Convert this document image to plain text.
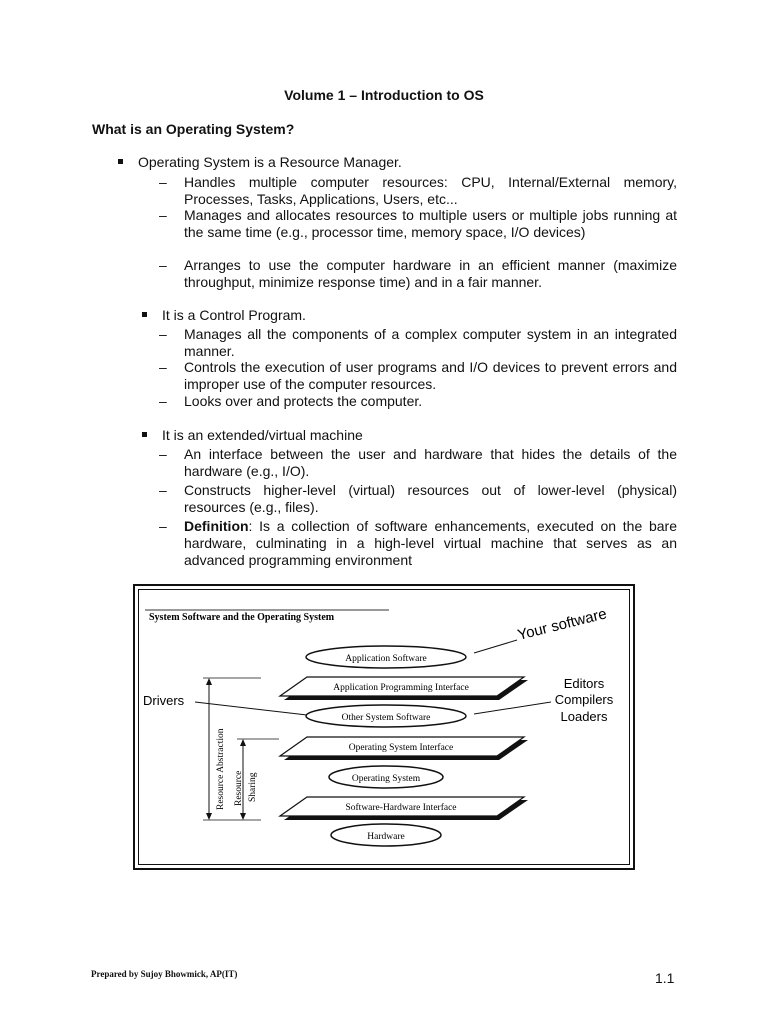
Volume 1 – Introduction to OS
What is an Operating System?
Operating System is a Resource Manager.
– Handles multiple computer resources: CPU, Internal/External memory, Processes, Tasks, Applications, Users, etc...
– Manages and allocates resources to multiple users or multiple jobs running at the same time (e.g., processor time, memory space, I/O devices)
– Arranges to use the computer hardware in an efficient manner (maximize throughput, minimize response time) and in a fair manner.
It is a Control Program.
– Manages all the components of a complex computer system in an integrated manner.
– Controls the execution of user programs and I/O devices to prevent errors and improper use of the computer resources.
– Looks over and protects the computer.
It is an extended/virtual machine
– An interface between the user and hardware that hides the details of the hardware (e.g., I/O).
– Constructs higher-level (virtual) resources out of lower-level (physical) resources (e.g., files).
– Definition: Is a collection of software enhancements, executed on the bare hardware, culminating in a high-level virtual machine that serves as an advanced programming environment
System Software and the Operating System	Your software
Application Software
Application Programming Interface
Other System Software
Operating System Interface
Operating System
Software-Hardware Interface
Hardware
Drivers
Editors
Compilers
Loaders
Resource Abstraction Resource Sharing
Prepared by Sujoy Bhowmick, AP(IT)	1.1
